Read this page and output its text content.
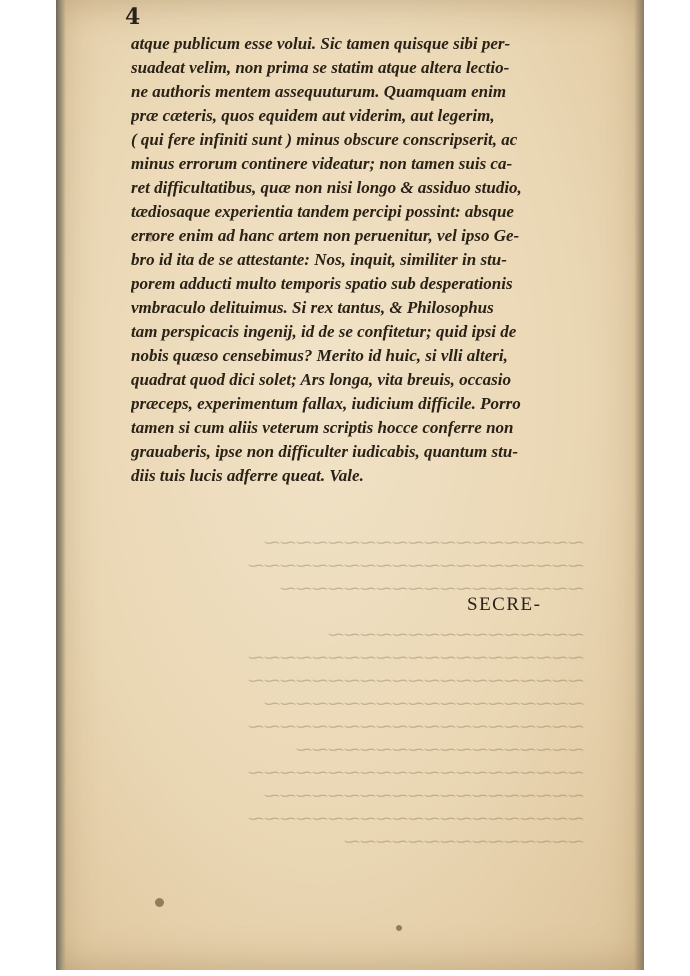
⁓⁓⁓⁓⁓⁓⁓⁓⁓⁓⁓⁓⁓⁓⁓⁓⁓⁓⁓⁓
⁓⁓⁓⁓⁓⁓⁓⁓⁓⁓⁓⁓⁓⁓⁓⁓⁓⁓⁓⁓⁓
⁓⁓⁓⁓⁓⁓⁓⁓⁓⁓⁓⁓⁓⁓⁓⁓⁓⁓⁓

⁓⁓⁓⁓⁓⁓⁓⁓⁓⁓⁓⁓⁓⁓⁓⁓
⁓⁓⁓⁓⁓⁓⁓⁓⁓⁓⁓⁓⁓⁓⁓⁓⁓⁓⁓⁓⁓
⁓⁓⁓⁓⁓⁓⁓⁓⁓⁓⁓⁓⁓⁓⁓⁓⁓⁓⁓⁓⁓
⁓⁓⁓⁓⁓⁓⁓⁓⁓⁓⁓⁓⁓⁓⁓⁓⁓⁓⁓⁓
⁓⁓⁓⁓⁓⁓⁓⁓⁓⁓⁓⁓⁓⁓⁓⁓⁓⁓⁓⁓⁓
⁓⁓⁓⁓⁓⁓⁓⁓⁓⁓⁓⁓⁓⁓⁓⁓⁓⁓
⁓⁓⁓⁓⁓⁓⁓⁓⁓⁓⁓⁓⁓⁓⁓⁓⁓⁓⁓⁓⁓
⁓⁓⁓⁓⁓⁓⁓⁓⁓⁓⁓⁓⁓⁓⁓⁓⁓⁓⁓⁓
⁓⁓⁓⁓⁓⁓⁓⁓⁓⁓⁓⁓⁓⁓⁓⁓⁓⁓⁓⁓⁓
⁓⁓⁓⁓⁓⁓⁓⁓⁓⁓⁓⁓⁓⁓⁓

4
atque publicum esse volui. Sic tamen quisque sibi per-
suadeat velim, non prima se statim atque altera lectio-
ne authoris mentem assequuturum. Quamquam enim
præ cæteris, quos equidem aut viderim, aut legerim,
( qui fere infiniti sunt ) minus obscure conscripserit, ac
minus errorum continere videatur; non tamen suis ca-
ret difficultatibus, quæ non nisi longo & assiduo studio,
tædiosaque experientia tandem percipi possint: absque
errore enim ad hanc artem non peruenitur, vel ipso Ge-
bro id ita de se attestante: Nos, inquit, similiter in stu-
porem adducti multo temporis spatio sub desperationis
vmbraculo delituimus. Si rex tantus, & Philosophus
tam perspicacis ingenij, id de se confitetur; quid ipsi de
nobis quæso censebimus? Merito id huic, si vlli alteri,
quadrat quod dici solet; Ars longa, vita breuis, occasio
præceps, experimentum fallax, iudicium difficile. Porro
tamen si cum aliis veterum scriptis hocce conferre non
grauaberis, ipse non difficulter iudicabis, quantum stu-
diis tuis lucis adferre queat. Vale.
SECRE-
